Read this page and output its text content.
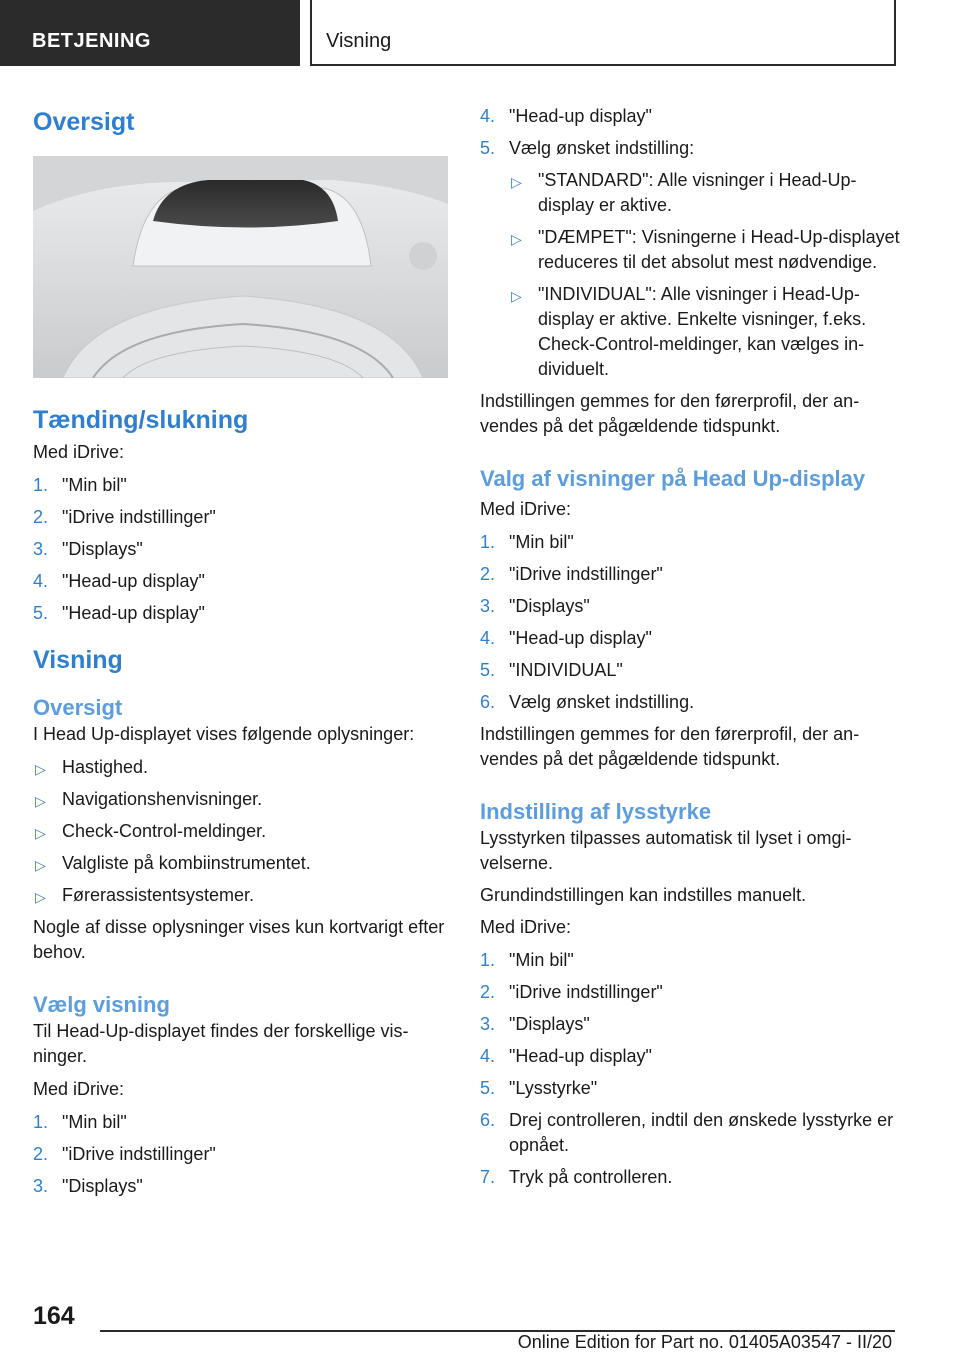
BETJENING	Visning
Oversigt
Tænding/slukning

Med iDrive:

1. "Min bil"
2. "iDrive indstillinger"
3. "Displays"
4. "Head-up display"
5. "Head-up display"
Visning
Oversigt

I Head Up-displayet vises følgende oplysninger:

▷ Hastighed.
▷ Navigationshenvisninger.
▷ Check-Control-meldinger.
▷ Valgliste på kombiinstrumentet.
▷ Førerassistentsystemer.

Nogle af disse oplysninger vises kun kortvarigt efter behov.

Vælg visning

Til Head-Up-displayet findes der forskellige visninger.

Med iDrive:

1. "Min bil"
2. "iDrive indstillinger"
3. "Displays"
4. "Head-up display"
5. Vælg ønsket indstilling:
▷ "STANDARD": Alle visninger i Head-Up-display er aktive.
▷ "DÆMPET": Visningerne i Head-Up-displayet reduceres til det absolut mest nødvendige.
▷ "INDIVIDUAL": Alle visninger i Head-Up-display er aktive. Enkelte visninger, f.eks. Check-Control-meldinger, kan vælges individuelt.

Indstillingen gemmes for den førerprofil, der anvendes på det pågældende tidspunkt.

Valg af visninger på Head Up-display

Med iDrive:

1. "Min bil"
2. "iDrive indstillinger"
3. "Displays"
4. "Head-up display"
5. "INDIVIDUAL"
6. Vælg ønsket indstilling.

Indstillingen gemmes for den førerprofil, der anvendes på det pågældende tidspunkt.

Indstilling af lysstyrke

Lysstyrken tilpasses automatisk til lyset i omgivelserne.

Grundindstillingen kan indstilles manuelt.

Med iDrive:

1. "Min bil"
2. "iDrive indstillinger"
3. "Displays"
4. "Head-up display"
5. "Lysstyrke"
6. Drej controlleren, indtil den ønskede lysstyrke er opnået.
7. Tryk på controlleren.
164
Online Edition for Part no. 01405A03547 - II/20
